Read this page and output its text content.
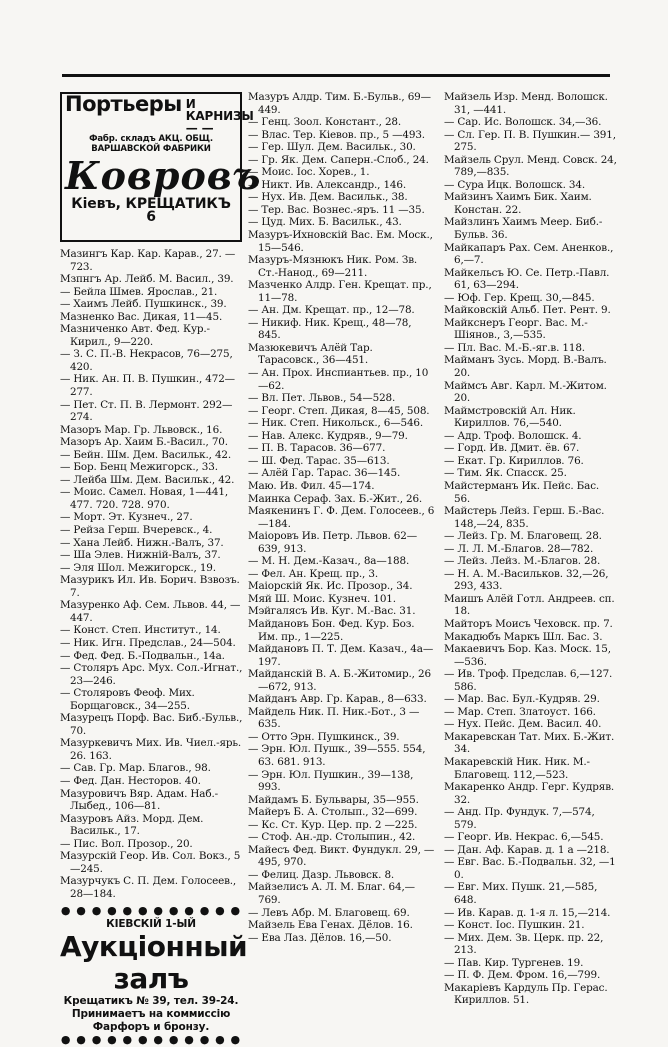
Портьеры И КАРНИЗЫ — —
Фабр. складъ АКЦ. ОБЩ.
ВАРШАВСКОЙ ФАБРИКИ
Ковровъ
Кiевъ, КРЕЩАТИКЪ 6
Мазингъ Кар. Кар. Карав., 27. —723.
Мзпнгъ Ар. Лейб. М. Васил., 39.
— Бейла Шмев. Ярослав., 21.
— Хаимъ Лейб. Пушкинск., 39.
Мазненко Вас. Дикая, 11—45.
Мазниченко Авт. Фед. Кур.-Кирил., 9—220.
— З. С. П.-В. Некрасов, 76—275, 420.
— Ник. Ан. П. В. Пушкин., 472—277.
— Пет. Ст. П. В. Лермонт. 292—274.
Мазоръ Мар. Гр. Львовск., 16.
Мазоръ Ар. Хаим Б.-Васил., 70.
— Бейн. Шм. Дем. Васильк., 42.
— Бор. Бенц Межигорск., 33.
— Лейба Шм. Дем. Васильк., 42.
— Моис. Самел. Новая, 1—441, 477. 720. 728. 970.
— Морт. Эт. Кузнеч., 27.
— Рейза Герш. Вчеревск., 4.
— Хана Лейб. Нижн.-Валъ, 37.
— Ша Элев. Нижній-Валъ, 37.
— Эля Шол. Межигорск., 19.
Мазурикъ Ил. Ив. Борич. Взвозъ. 7.
Мазуренко Аф. Сем. Львов. 44, —447.
— Конст. Степ. Институт., 14.
— Ник. Игн. Предслав., 24—504.
— Фед. Фед. Б.-Подвальн., 14а.
— Столяръ Арс. Мух. Сол.-Игнат., 23—246.
— Столяровъ Феоф. Мих. Борщаговск., 34—255.
Мазурецъ Порф. Вас. Биб.-Бульв., 70.
Мазуркевичъ Мих. Ив. Чиел.-ярь. 26. 163.
— Сав. Гр. Мар. Благов., 98.
— Фед. Дан. Несторов. 40.
Мазуровичъ Вяр. Адам. Наб.-Лыбед., 106—81.
Мазуровъ Айз. Морд. Дем. Васильк., 17.
— Пис. Вол. Прозор., 20.
Мазурскій Геор. Ив. Сол. Вокз., 5—245.
Мазурчукъ С. П. Дем. Голосеев., 28—184.
● ● ● ● ● ● ● ● ● ● ● ●
КIЕВСКIЙ 1-ЫЙ
Аукцiонный залъ
Крещатикъ № 39, тел. 39-24.
Принимаетъ на коммиссiю
Фарфоръ и бронзу.
● ● ● ● ● ● ● ● ● ● ● ●
Мазуръ Алдр. Тим. Б.-Бульв., 69—449.
— Генц. Зоол. Констант., 28.
— Влас. Тер. Кiевов. пр., 5 —493.
— Гер. Шул. Дем. Васильк., 30.
— Гр. Як. Дем. Саперн.-Слоб., 24.
— Моис. Іос. Хорев., 1.
— Никт. Ив. Александр., 146.
— Нух. Ив. Дем. Васильк., 38.
— Тер. Вас. Вознес.-яръ. 11 —35.
— Цуд. Мих. Б. Васильк., 43.
Мазуръ-Ихновскій Вас. Ем. Моск., 15—546.
Мазуръ-Мязнюкъ Ник. Ром. Зв. Ст.-Нанод., 69—211.
Мазченко Алдр. Ген. Крещат. пр., 11—78.
— Ан. Дм. Крещат. пр., 12—78.
— Никиф. Ник. Крещ., 48—78, 845.
Мазюкевичъ Алёй Тар. Тарасовск., 36—451.
— Ан. Прох. Инспиантьев. пр., 10—62.
— Вл. Пет. Львов., 54—528.
— Георг. Степ. Дикая, 8—45, 508.
— Ник. Степ. Никольск., 6—546.
— Нав. Алекс. Кудряв., 9—79.
— П. В. Тарасов. 36—677.
— Ш. Фед. Тарас. 35—613.
— Алёй Гар. Тарас. 36—145.
Маю. Ив. Фил. 45—174.
Маинка Сераф. Зах. Б.-Жит., 26.
Маякенинъ Г. Ф. Дем. Голосеев., 6—184.
Маiоровъ Ив. Петр. Львов. 62—639, 913.
— М. Н. Дем.-Казач., 8а—188.
— Фел. Ан. Крещ. пр., 3.
Маiорскій Як. Ис. Прозор., 34.
Мяй Ш. Моис. Кузнеч. 101.
Мэйгалясъ Ив. Куг. М.-Вас. 31.
Майдановъ Бон. Фед. Кур. Боз. Им. пр., 1—225.
Майдановъ П. Т. Дем. Казач., 4а—197.
Майданскій В. А. Б.-Житомир., 26—672, 913.
Майданъ Авр. Гр. Карав., 8—633.
Майдель Ник. П. Ник.-Бот., 3 —635.
— Отто Эрн. Пушкинск., 39.
— Эрн. Юл. Пушк., 39—555. 554, 63. 681. 913.
— Эрн. Юл. Пушкин., 39—138, 993.
Майдамъ Б. Бульвары, 35—955.
Майеръ Б. А. Столып., 32—699.
— Кс. Ст. Кур. Цер. пр. 2 —225.
— Стоф. Ан.-др. Столыпин., 42.
Майесъ Фед. Викт. Фундукл. 29, —495, 970.
— Фелиц. Дазр. Львовск. 8.
Майзелисъ А. Л. М. Благ. 64,—769.
— Левъ Абр. М. Благовещ. 69.
Майзель Ева Генах. Дёлов. 16.
— Ева Лаз. Дёлов. 16,—50.
Майзель Изр. Менд. Волошск. 31, —441.
— Сар. Ис. Волошск. 34,—36.
— Сл. Гер. П. В. Пушкин.— 391, 275.
Майзель Срул. Менд. Совск. 24, 789,—835.
— Сура Ицк. Волошск. 34.
Майзинъ Хаимъ Бик. Хаим. Констан. 22.
Майзлинъ Хаимъ Меер. Биб.-Бульв. 36.
Майкапаръ Рах. Сем. Аненков., 6,—7.
Майкельсъ Ю. Се. Петр.-Павл. 61, 63—294.
— Юф. Гер. Крещ. 30,—845.
Майковскій Альб. Пет. Рент. 9.
Майкснеръ Георг. Вас. М.-Шiянов., 3,—535.
— Пл. Вас. М.-Б.-яг.в. 118.
Майманъ Зусь. Морд. В.-Валъ. 20.
Маймсъ Авг. Карл. М.-Житом. 20.
Маймстровскій Ал. Ник. Кириллов. 76,—540.
— Адр. Троф. Волошск. 4.
— Горд. Ив. Дмит. ёв. 67.
— Екат. Гр. Кириллов. 76.
— Тим. Як. Спасск. 25.
Майстерманъ Ик. Пейс. Бас. 56.
Майстерь Лейз. Герш. Б.-Вас. 148,—24, 835.
— Лейз. Гр. М. Благовещ. 28.
— Л. Л. М.-Благов. 28—782.
— Лейз. Лейз. М.-Благов. 28.
— Н. А. М.-Васильков. 32,—26, 293, 433.
Маишъ Алёй Готл. Андреев. сп. 18.
Майторъ Моисъ Чеховск. пр. 7.
Макадюбъ Маркъ Шл. Бас. 3.
Макаевичъ Бор. Каз. Моск. 15,—536.
— Ив. Троф. Предслав. 6,—127. 586.
— Мар. Вас. Бул.-Кудряв. 29.
— Мар. Степ. Златоуст. 166.
— Нух. Пейс. Дем. Васил. 40.
Макаревскан Тат. Мих. Б.-Жит. 34.
Макаревскій Ник. Ник. М.-Благовещ. 112,—523.
Макаренко Андр. Герг. Кудряв. 32.
— Анд. Пр. Фундук. 7,—574, 579.
— Георг. Ив. Некрас. 6,—545.
— Дан. Аф. Карав. д. 1 а —218.
— Евг. Вас. Б.-Подвальн. 32, —1 0.
— Евг. Мих. Пушк. 21,—585, 648.
— Ив. Карав. д. 1-я л. 15,—214.
— Конст. Іос. Пушкин. 21.
— Мих. Дем. Зв. Церк. пр. 22, 213.
— Пав. Кир. Тургенев. 19.
— П. Ф. Дем. Фром. 16,—799.
Макарiевъ Кардуль Пр. Герас. Кириллов. 51.
